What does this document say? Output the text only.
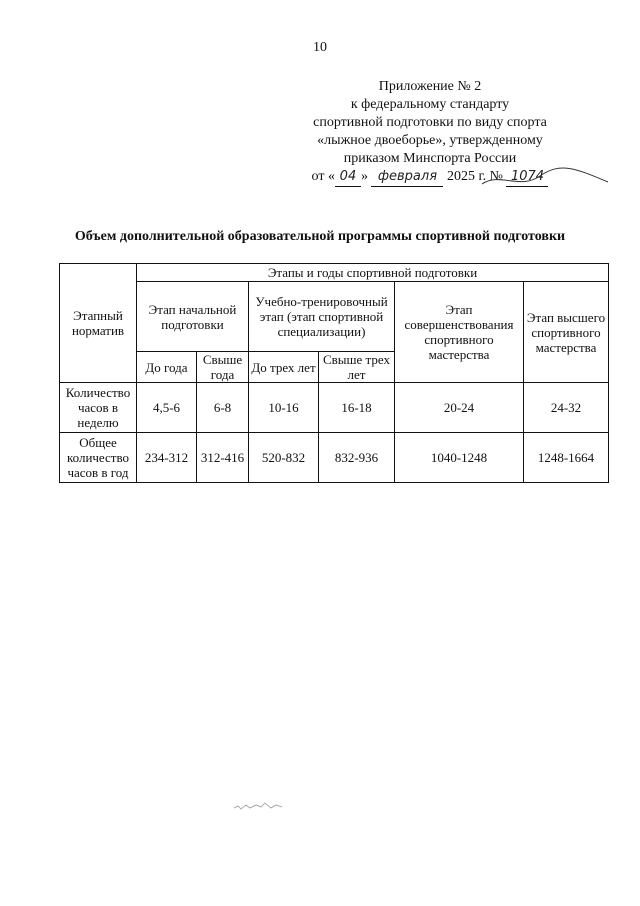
10
Приложение № 2
к федеральному стандарту
спортивной подготовки по виду спорта
«лыжное двоеборье», утвержденному
приказом Минспорта России
от « 04 » февраля 2025 г. № 1074
Объем дополнительной образовательной программы спортивной подготовки
Этапный норматив	Этапы и годы спортивной подготовки					
	Этап начальной подготовки		Учебно-тренировочный этап (этап спортивной специализации)		Этап совершенствования спортивного мастерства	Этап высшего спортивного мастерства
	До года	Свыше года	До трех лет	Свыше трех лет		
Количество часов в неделю	4,5-6	6-8	10-16	16-18	20-24	24-32
Общее количество часов в год	234-312	312-416	520-832	832-936	1040-1248	1248-1664
